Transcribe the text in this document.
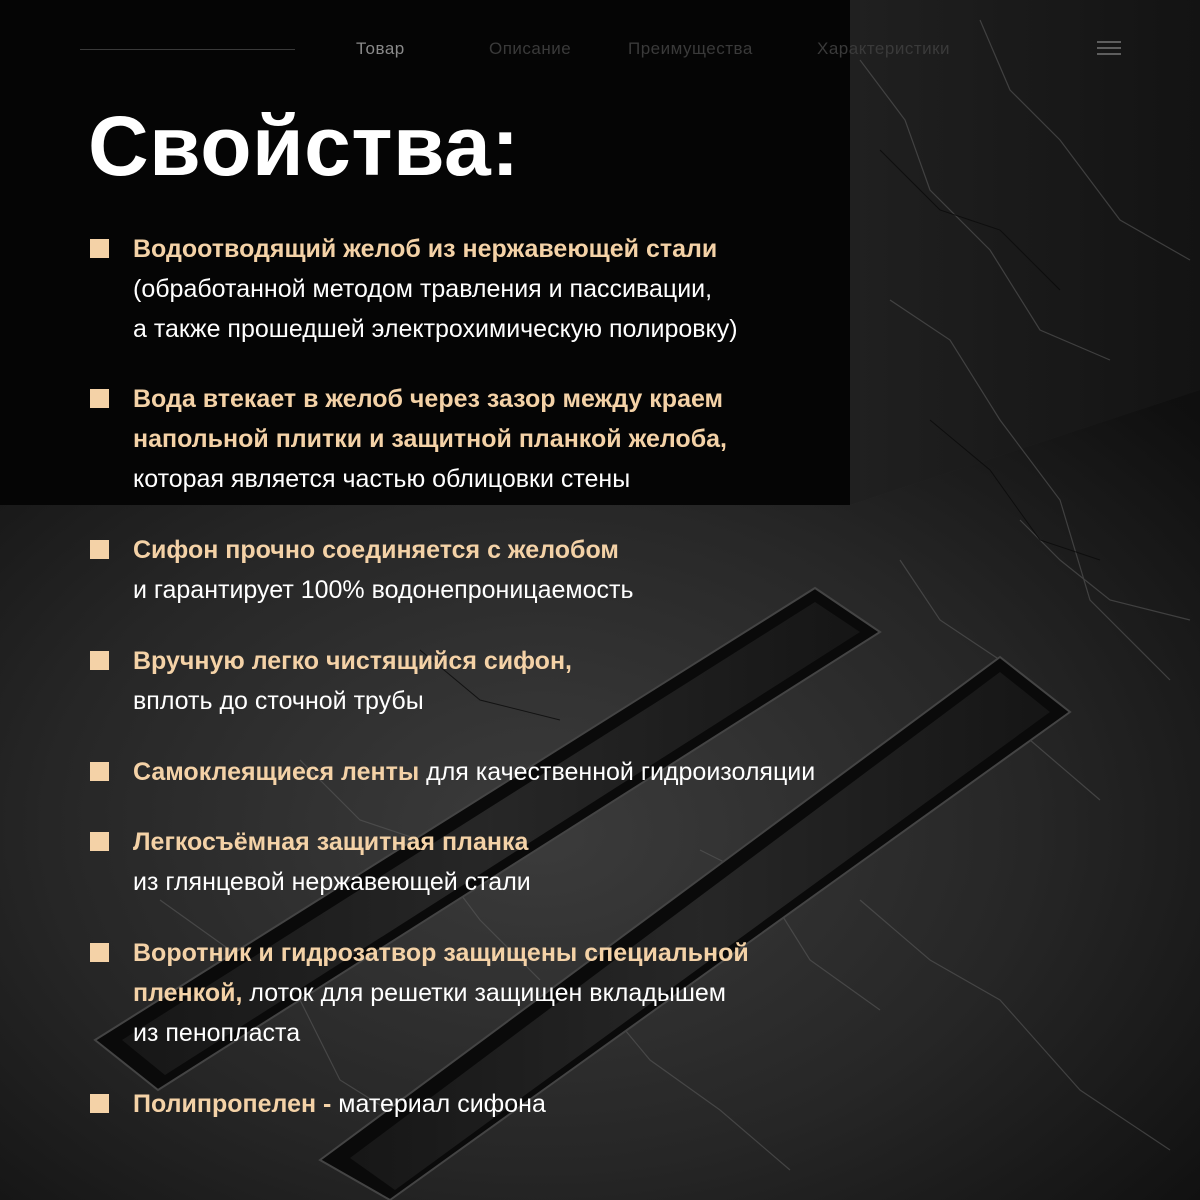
Товар	Описание	Преимущества	Характеристики
Свойства:
Водоотводящий желоб из нержавеющей стали
(обработанной методом травления и пассивации,
а также прошедшей электрохимическую полировку)
Вода втекает в желоб через зазор между краем
напольной плитки и защитной планкой желоба,
которая является частью облицовки стены
Сифон прочно соединяется с желобом
и гарантирует 100% водонепроницаемость
Вручную легко чистящийся сифон,
вплоть до сточной трубы
Самоклеящиеся ленты для качественной гидроизоляции
Легкосъёмная защитная планка
из глянцевой нержавеющей стали
Воротник и гидрозатвор защищены специальной
пленкой, лоток для решетки защищен вкладышем
из пенопласта
Полипропелен - материал сифона
